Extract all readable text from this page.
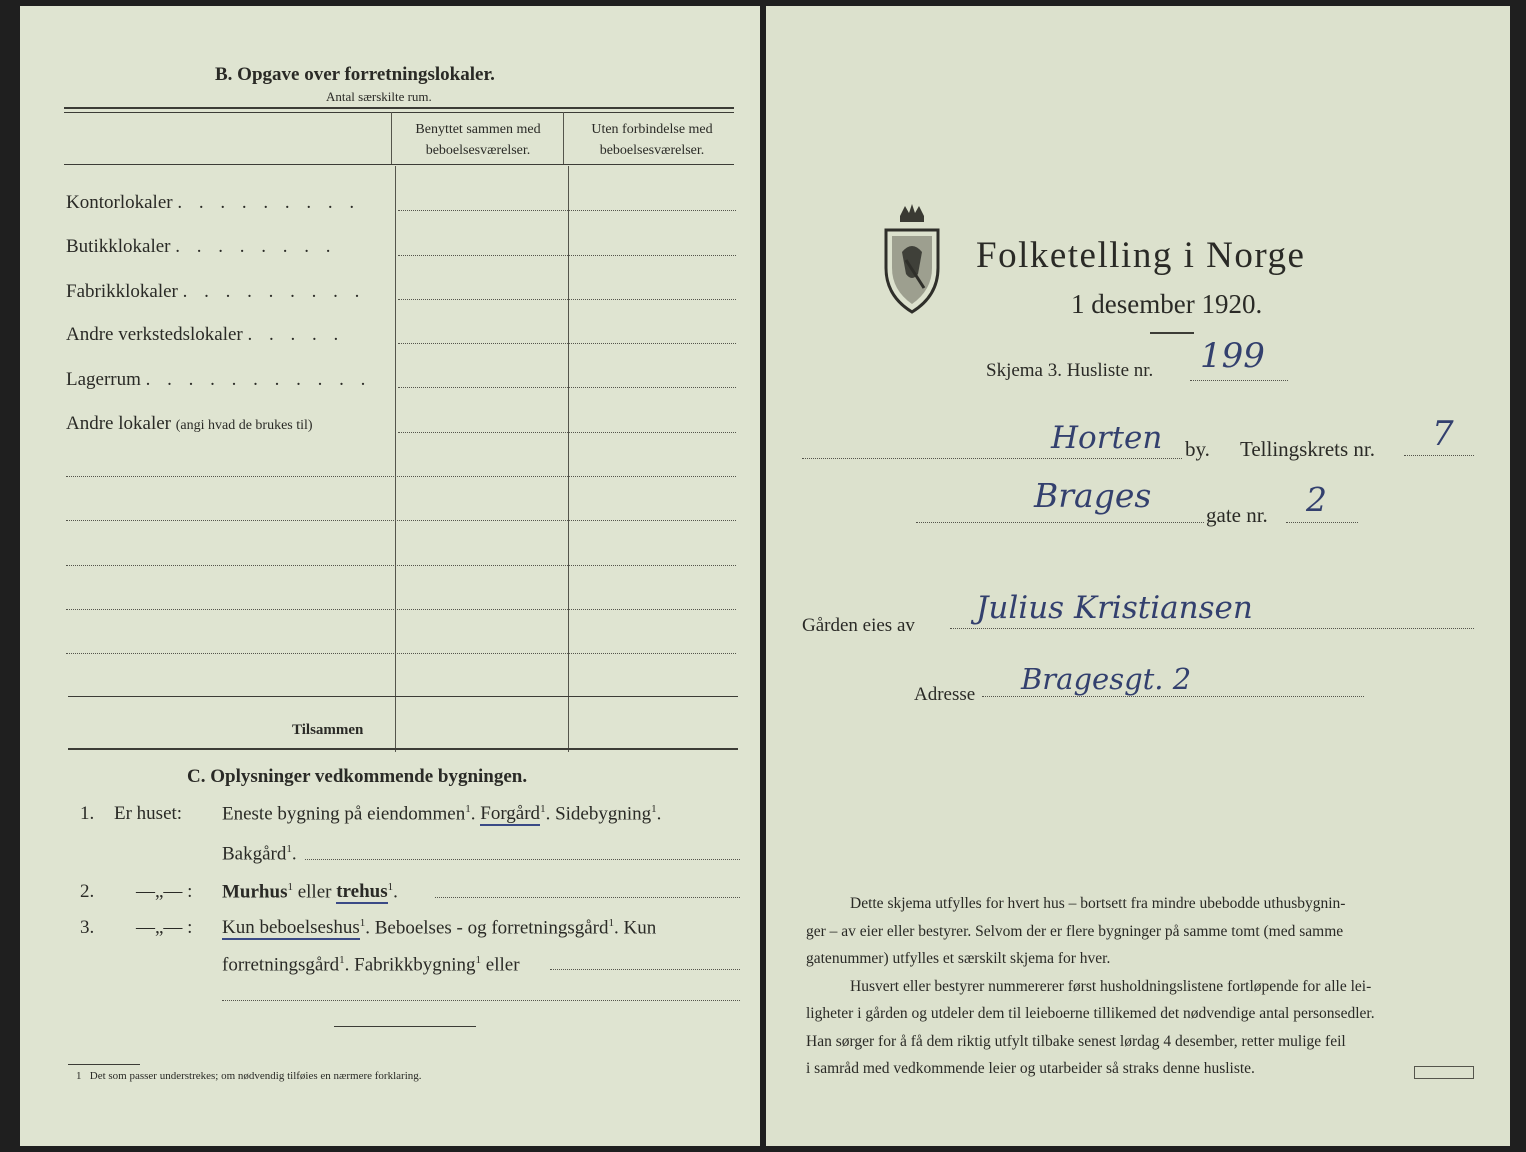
B. Opgave over forretningslokaler.
Antal særskilte rum.
Benyttet sammen med
beboelsesværelser.
Uten forbindelse med
beboelsesværelser.
Kontorlokaler . . . . . . . . .
Butikklokaler . . . . . . . .
Fabrikklokaler . . . . . . . . .
Andre verkstedslokaler . . . . .
Lagerrum . . . . . . . . . . .
Andre lokaler (angi hvad de brukes til)
Tilsammen
C. Oplysninger vedkommende bygningen.
1. Er huset: Eneste bygning på eiendommen$^1$. Forgård$^1$. Sidebygning$^1$.
Bakgård$^1$.
2. —„— : Murhus$^1$ eller trehus$^1$.
3. —„— : Kun beboelseshus$^1$. Beboelses - og forretningsgård$^1$. Kun
forretningsgård$^1$. Fabrikkbygning$^1$ eller
1 Det som passer understrekes; om nødvendig tilføies en nærmere forklaring.
Folketelling i Norge
1 desember 1920.
Skjema 3. Husliste nr. 199
Horten by. Tellingskrets nr. 7
Brages	gate nr. 2
Gården eies av Julius Kristiansen
Adresse Bragesgt. 2
Dette skjema utfylles for hvert hus – bortsett fra mindre ubebodde uthusbygnin-
ger – av eier eller bestyrer. Selvom der er flere bygninger på samme tomt (med samme
gatenummer) utfylles et særskilt skjema for hver.
Husvert eller bestyrer nummererer først husholdningslistene fortløpende for alle lei-
ligheter i gården og utdeler dem til leieboerne tillikemed det nødvendige antal personsedler.
Han sørger for å få dem riktig utfylt tilbake senest lørdag 4 desember, retter mulige feil
i samråd med vedkommende leier og utarbeider så straks denne husliste.
